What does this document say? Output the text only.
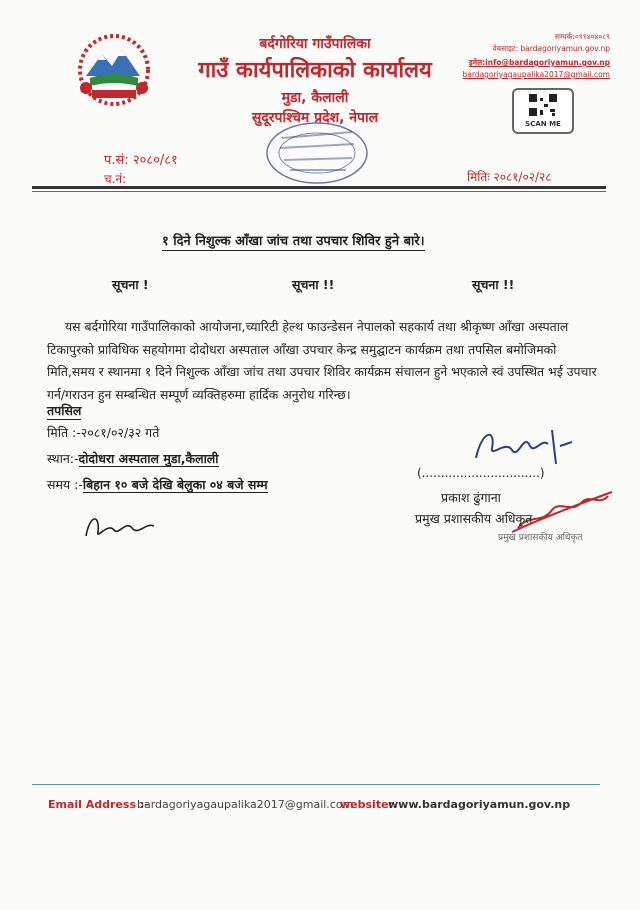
बर्दगोरिया गाउँपालिका
गाउँ कार्यपालिकाको कार्यालय
मुडा, कैलाली
सुदूरपश्चिम प्रदेश, नेपाल
सम्पर्क:०९१४०४०८९
वेबसाइट: bardagoriyamun.gov.np
इमेल:info@bardagoriyamun.gov.np
bardagoriyagaupalika2017@gmail.com
SCAN ME
प.सं: २०८०/८१
च.नं:	मितिः २०८१/०२/२८
१ दिने निशुल्क आँखा जांच तथा उपचार शिविर हुने बारे।
सूचना !	सूचना !!	सूचना !!
यस बर्दगोरिया गाउँपालिकाको आयोजना,च्यारिटी हेल्थ फाउन्डेसन नेपालको सहकार्य तथा श्रीकृष्ण आँखा अस्पताल टिकापुरको प्राविधिक सहयोगमा दोदोधरा अस्पताल आँखा उपचार केन्द्र समुद्घाटन कार्यक्रम तथा तपसिल बमोजिमको मिति,समय र स्थानमा १ दिने निशुल्क आँखा जांच तथा उपचार शिविर कार्यक्रम संचालन हुने भएकाले स्वं उपस्थित भई उपचार गर्न/गराउन हुन सम्बन्धित सम्पूर्ण व्यक्तिहरुमा हार्दिक अनुरोध गरिन्छ।
तपसिल
मिति :-२०८१/०२/३२ गते
स्थान:-दोदोधरा अस्पताल मुडा,कैलाली
समय :-बिहान १० बजे देखि बेलुका ०४ बजे सम्म
(...............................)
प्रकाश ढुंगाना
प्रमुख प्रशासकीय अधिकृत
प्रमुख प्रशासकीय अधिकृत
Email Address :-
bardagoriyagaupalika2017@gmail.com
website:
www.bardagoriyamun.gov.np
